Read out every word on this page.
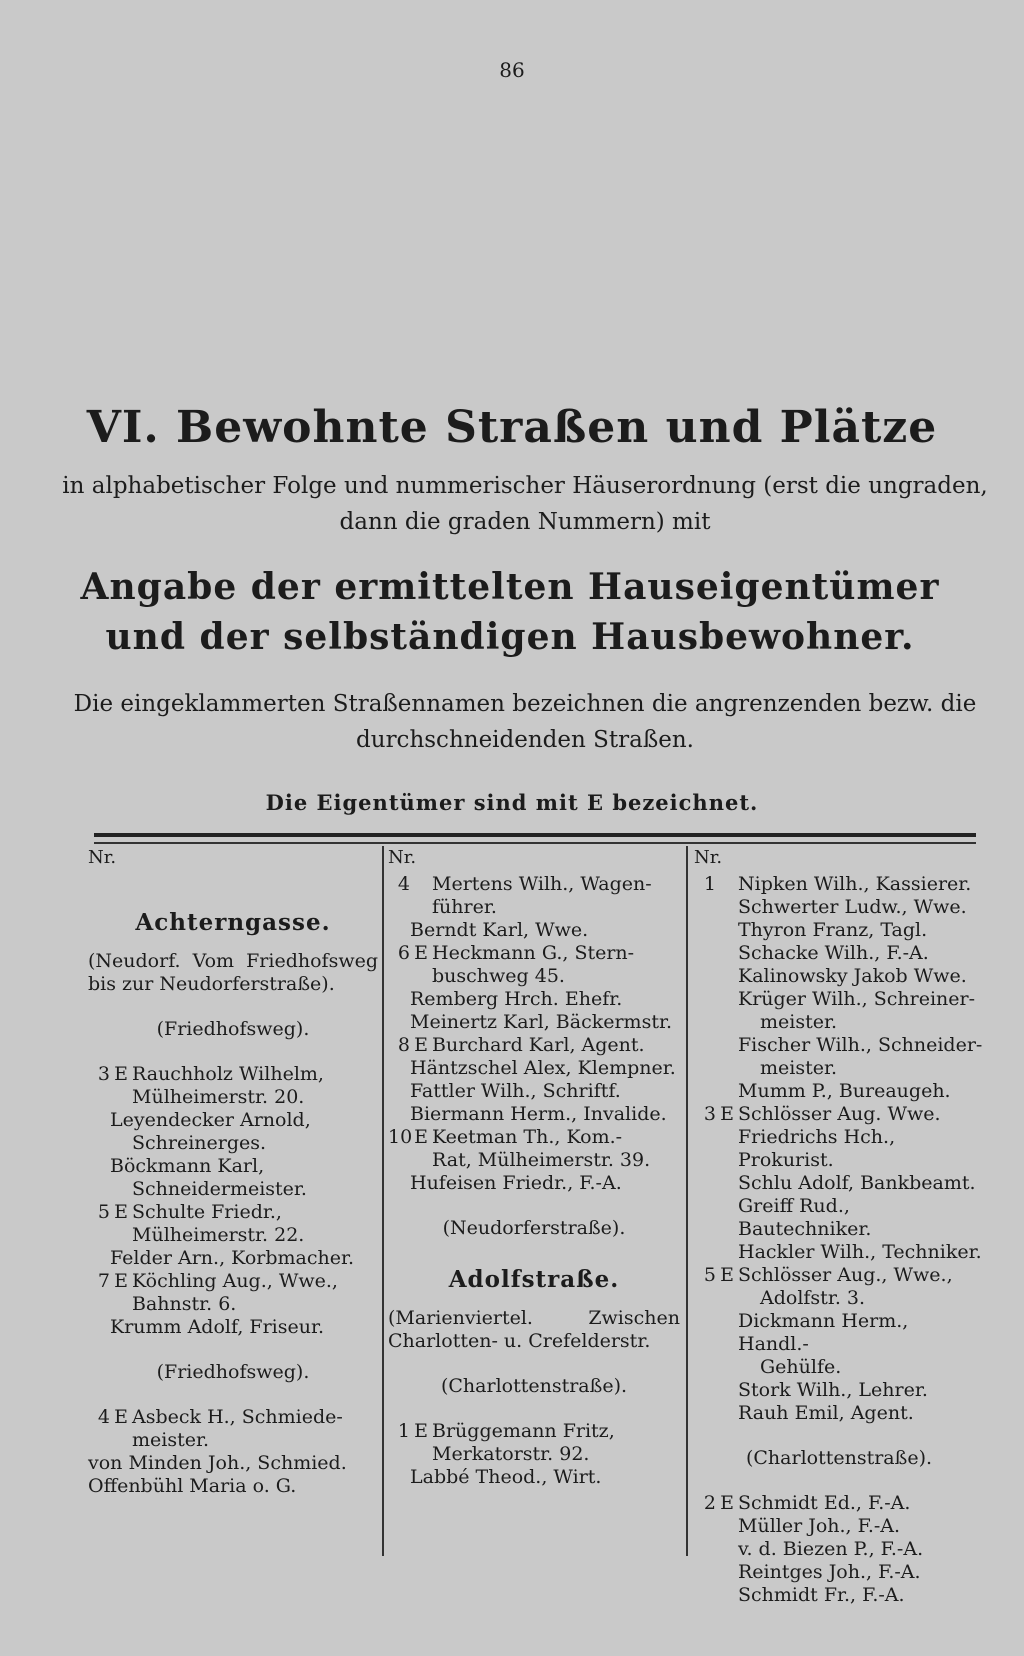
86
VI. Bewohnte Straßen und Plätze
in alphabetischer Folge und nummerischer Häuserordnung (erst die ungraden,
dann die graden Nummern) mit
Angabe der ermittelten Hauseigentümer
und der selbständigen Hausbewohner.
Die eingeklammerten Straßennamen bezeichnen die angrenzenden bezw. die
durchschneidenden Straßen.
Die Eigentümer sind mit E bezeichnet.
Nr.
Achterngasse.
(Neudorf. Vom Friedhofsweg bis zur Neudorferstraße).
(Friedhofsweg).
3 E Rauchholz Wilhelm,
Mülheimerstr. 20.
Leyendecker Arnold,
Schreinerges.
Böckmann Karl,
Schneidermeister.
5 E Schulte Friedr.,
Mülheimerstr. 22.
Felder Arn., Korbmacher.
7 E Köchling Aug., Wwe.,
Bahnstr. 6.
Krumm Adolf, Friseur.
(Friedhofsweg).
4 E Asbeck H., Schmiede-
meister.
von Minden Joh., Schmied.
Offenbühl Maria o. G.
Nr.
4 Mertens Wilh., Wagen-
führer.
Berndt Karl, Wwe.
6 E Heckmann G., Stern-
buschweg 45.
Remberg Hrch. Ehefr.
Meinertz Karl, Bäckermstr.
8 E Burchard Karl, Agent.
Häntzschel Alex, Klempner.
Fattler Wilh., Schriftf.
Biermann Herm., Invalide.
10 E Keetman Th., Kom.-
Rat, Mülheimerstr. 39.
Hufeisen Friedr., F.-A.
(Neudorferstraße).
Adolfstraße.
(Marienviertel. Zwischen Charlotten- u. Crefelderstr.
(Charlottenstraße).
1 E Brüggemann Fritz,
Merkatorstr. 92.
Labbé Theod., Wirt.
Nr.
1 Nipken Wilh., Kassierer.
Schwerter Ludw., Wwe.
Thyron Franz, Tagl.
Schacke Wilh., F.-A.
Kalinowsky Jakob Wwe.
Krüger Wilh., Schreiner-
meister.
Fischer Wilh., Schneider-
meister.
Mumm P., Bureaugeh.
3 E Schlösser Aug. Wwe.
Friedrichs Hch., Prokurist.
Schlu Adolf, Bankbeamt.
Greiff Rud., Bautechniker.
Hackler Wilh., Techniker.
5 E Schlösser Aug., Wwe.,
Adolfstr. 3.
Dickmann Herm., Handl.-
Gehülfe.
Stork Wilh., Lehrer.
Rauh Emil, Agent.
(Charlottenstraße).
2 E Schmidt Ed., F.-A.
Müller Joh., F.-A.
v. d. Biezen P., F.-A.
Reintges Joh., F.-A.
Schmidt Fr., F.-A.
